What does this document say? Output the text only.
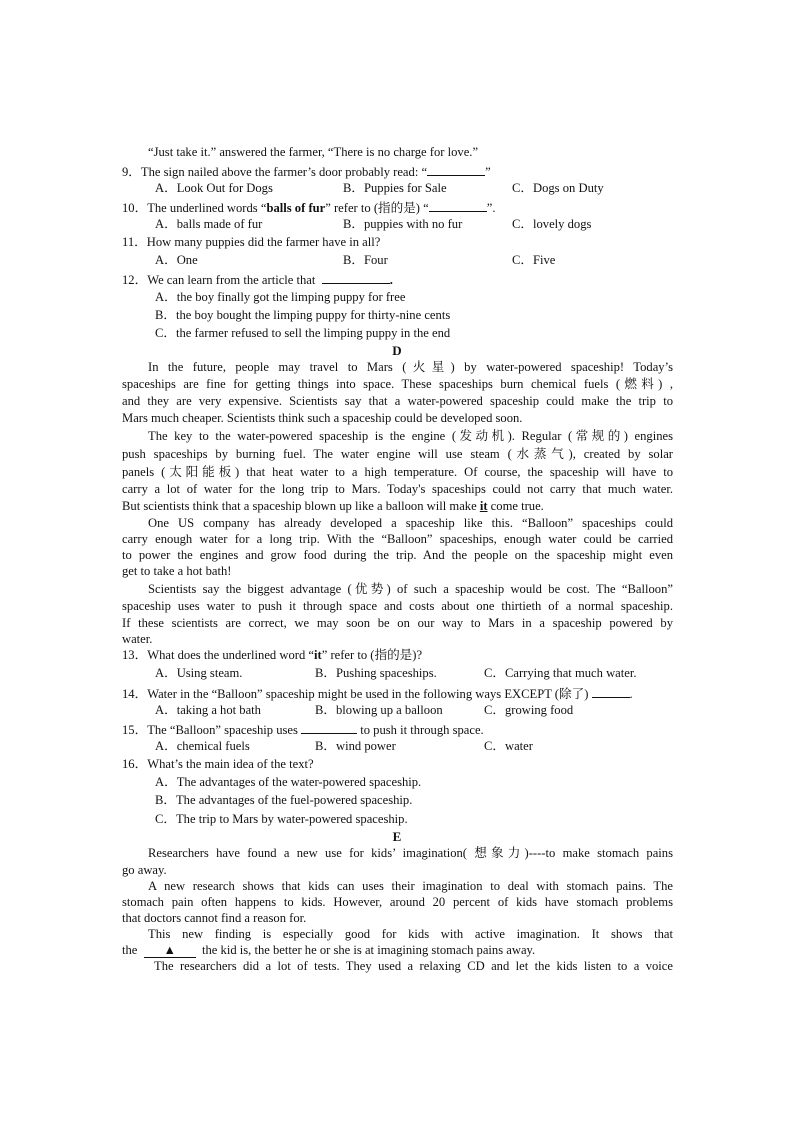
“Just take it.” answered the farmer, “There is no charge for love.”
9．The sign nailed above the farmer’s door probably read: “	”
A．Look Out for Dogs	B．Puppies for Sale	C．Dogs on Duty
10．The underlined words “balls of fur” refer to (指的是) “	”.
A．balls made of fur	B．puppies with no fur	C．lovely dogs
11．How many puppies did the farmer have in all?
A．One	B．Four	C．Five
12．We can learn from the article that	.
A．the boy finally got the limping puppy for free
B．the boy bought the limping puppy for thirty-nine cents
C．the farmer refused to sell the limping puppy in the end
D
In the future, people may travel to Mars (火星) by water-powered spaceship! Today’s
spaceships are fine for getting things into space. These spaceships burn chemical fuels (燃料) ,
and they are very expensive. Scientists say that a water-powered spaceship could make the trip to
Mars much cheaper. Scientists think such a spaceship could be developed soon.
The key to the water-powered spaceship is the engine (发动机). Regular (常规的) engines
push spaceships by burning fuel. The water engine will use steam (水蒸气), created by solar
panels (太阳能板) that heat water to a high temperature. Of course, the spaceship will have to
carry a lot of water for the long trip to Mars. Today's spaceships could not carry that much water.
But scientists think that a spaceship blown up like a balloon will make it come true.
One US company has already developed a spaceship like this. “Balloon” spaceships could
carry enough water for a long trip. With the “Balloon” spaceships, enough water could be carried
to power the engines and grow food during the trip. And the people on the spaceship might even
get to take a hot bath!
Scientists say the biggest advantage (优势) of such a spaceship would be cost. The “Balloon”
spaceship uses water to push it through space and costs about one thirtieth of a normal spaceship.
If these scientists are correct, we may soon be on our way to Mars in a spaceship powered by
water.
13．What does the underlined word “it” refer to (指的是)?
A．Using steam.	B．Pushing spaceships.	C．Carrying that much water.
14．Water in the “Balloon” spaceship might be used in the following ways EXCEPT (除了)	.
A．taking a hot bath	B．blowing up a balloon	C．growing food
15．The “Balloon” spaceship uses	to push it through space.
A．chemical fuels	B．wind power	C．water
16．What’s the main idea of the text?
A．The advantages of the water-powered spaceship.
B．The advantages of the fuel-powered spaceship.
C．The trip to Mars by water-powered spaceship.
E
Researchers have found a new use for kids’ imagination( 想象力)----to make stomach pains
go away.
A new research shows that kids can uses their imagination to deal with stomach pains. The
stomach pain often happens to kids. However, around 20 percent of kids have stomach problems
that doctors cannot find a reason for.
This new finding is especially good for kids with active imagination. It shows that
the ▲ the kid is, the better he or she is at imagining stomach pains away.
The researchers did a lot of tests. They used a relaxing CD and let the kids listen to a voice
